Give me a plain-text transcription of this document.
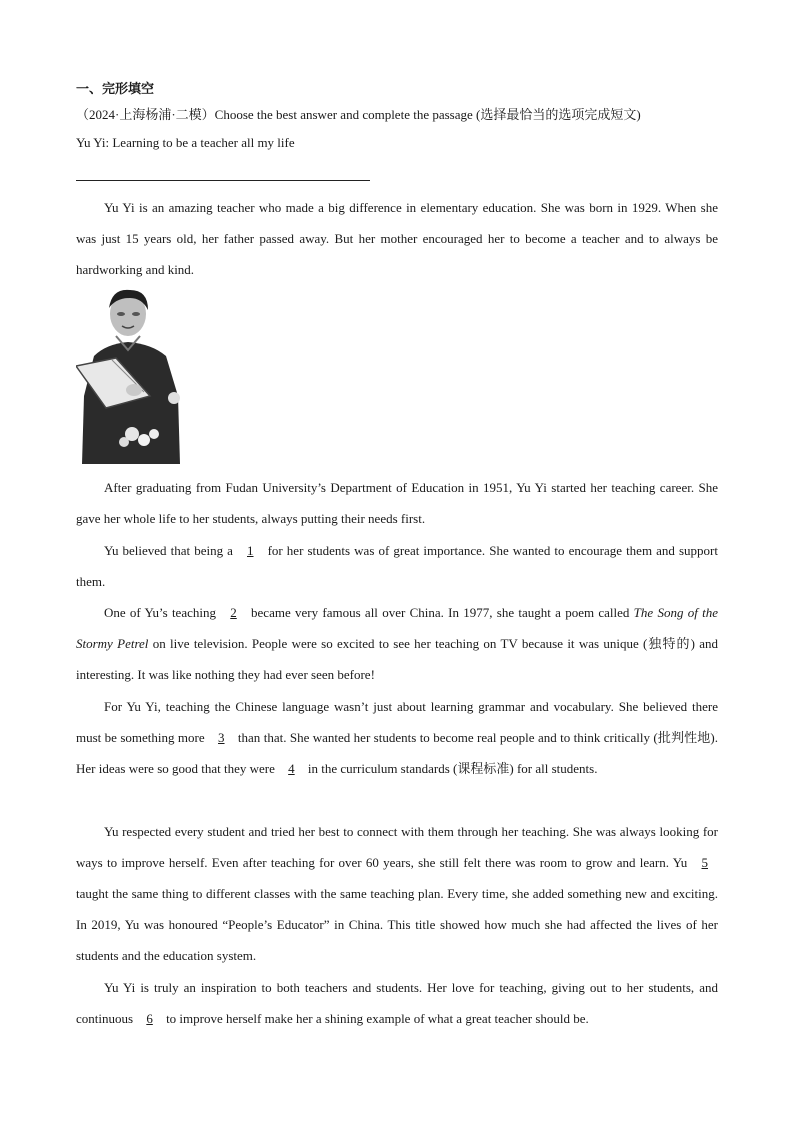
一、完形填空
（2024·上海杨浦·二模）Choose the best answer and complete the passage (选择最恰当的选项完成短文)
Yu Yi: Learning to be a teacher all my life

Yu Yi is an amazing teacher who made a big difference in elementary education. She was born in 1929. When she was just 15 years old, her father passed away. But her mother encouraged her to become a teacher and to always be hardworking and kind.

After graduating from Fudan University’s Department of Education in 1951, Yu Yi started her teaching career. She gave her whole life to her students, always putting their needs first.

Yu believed that being a 1 for her students was of great importance. She wanted to encourage them and support them.

One of Yu’s teaching 2 became very famous all over China. In 1977, she taught a poem called The Song of the Stormy Petrel on live television. People were so excited to see her teaching on TV because it was unique (独特的) and interesting. It was like nothing they had ever seen before!

For Yu Yi, teaching the Chinese language wasn’t just about learning grammar and vocabulary. She believed there must be something more 3 than that. She wanted her students to become real people and to think critically (批判性地). Her ideas were so good that they were 4 in the curriculum standards (课程标准) for all students.

Yu respected every student and tried her best to connect with them through her teaching. She was always looking for ways to improve herself. Even after teaching for over 60 years, she still felt there was room to grow and learn. Yu 5 taught the same thing to different classes with the same teaching plan. Every time, she added something new and exciting. In 2019, Yu was honoured “People’s Educator” in China. This title showed how much she had affected the lives of her students and the education system.

Yu Yi is truly an inspiration to both teachers and students. Her love for teaching, giving out to her students, and continuous 6 to improve herself make her a shining example of what a great teacher should be.
